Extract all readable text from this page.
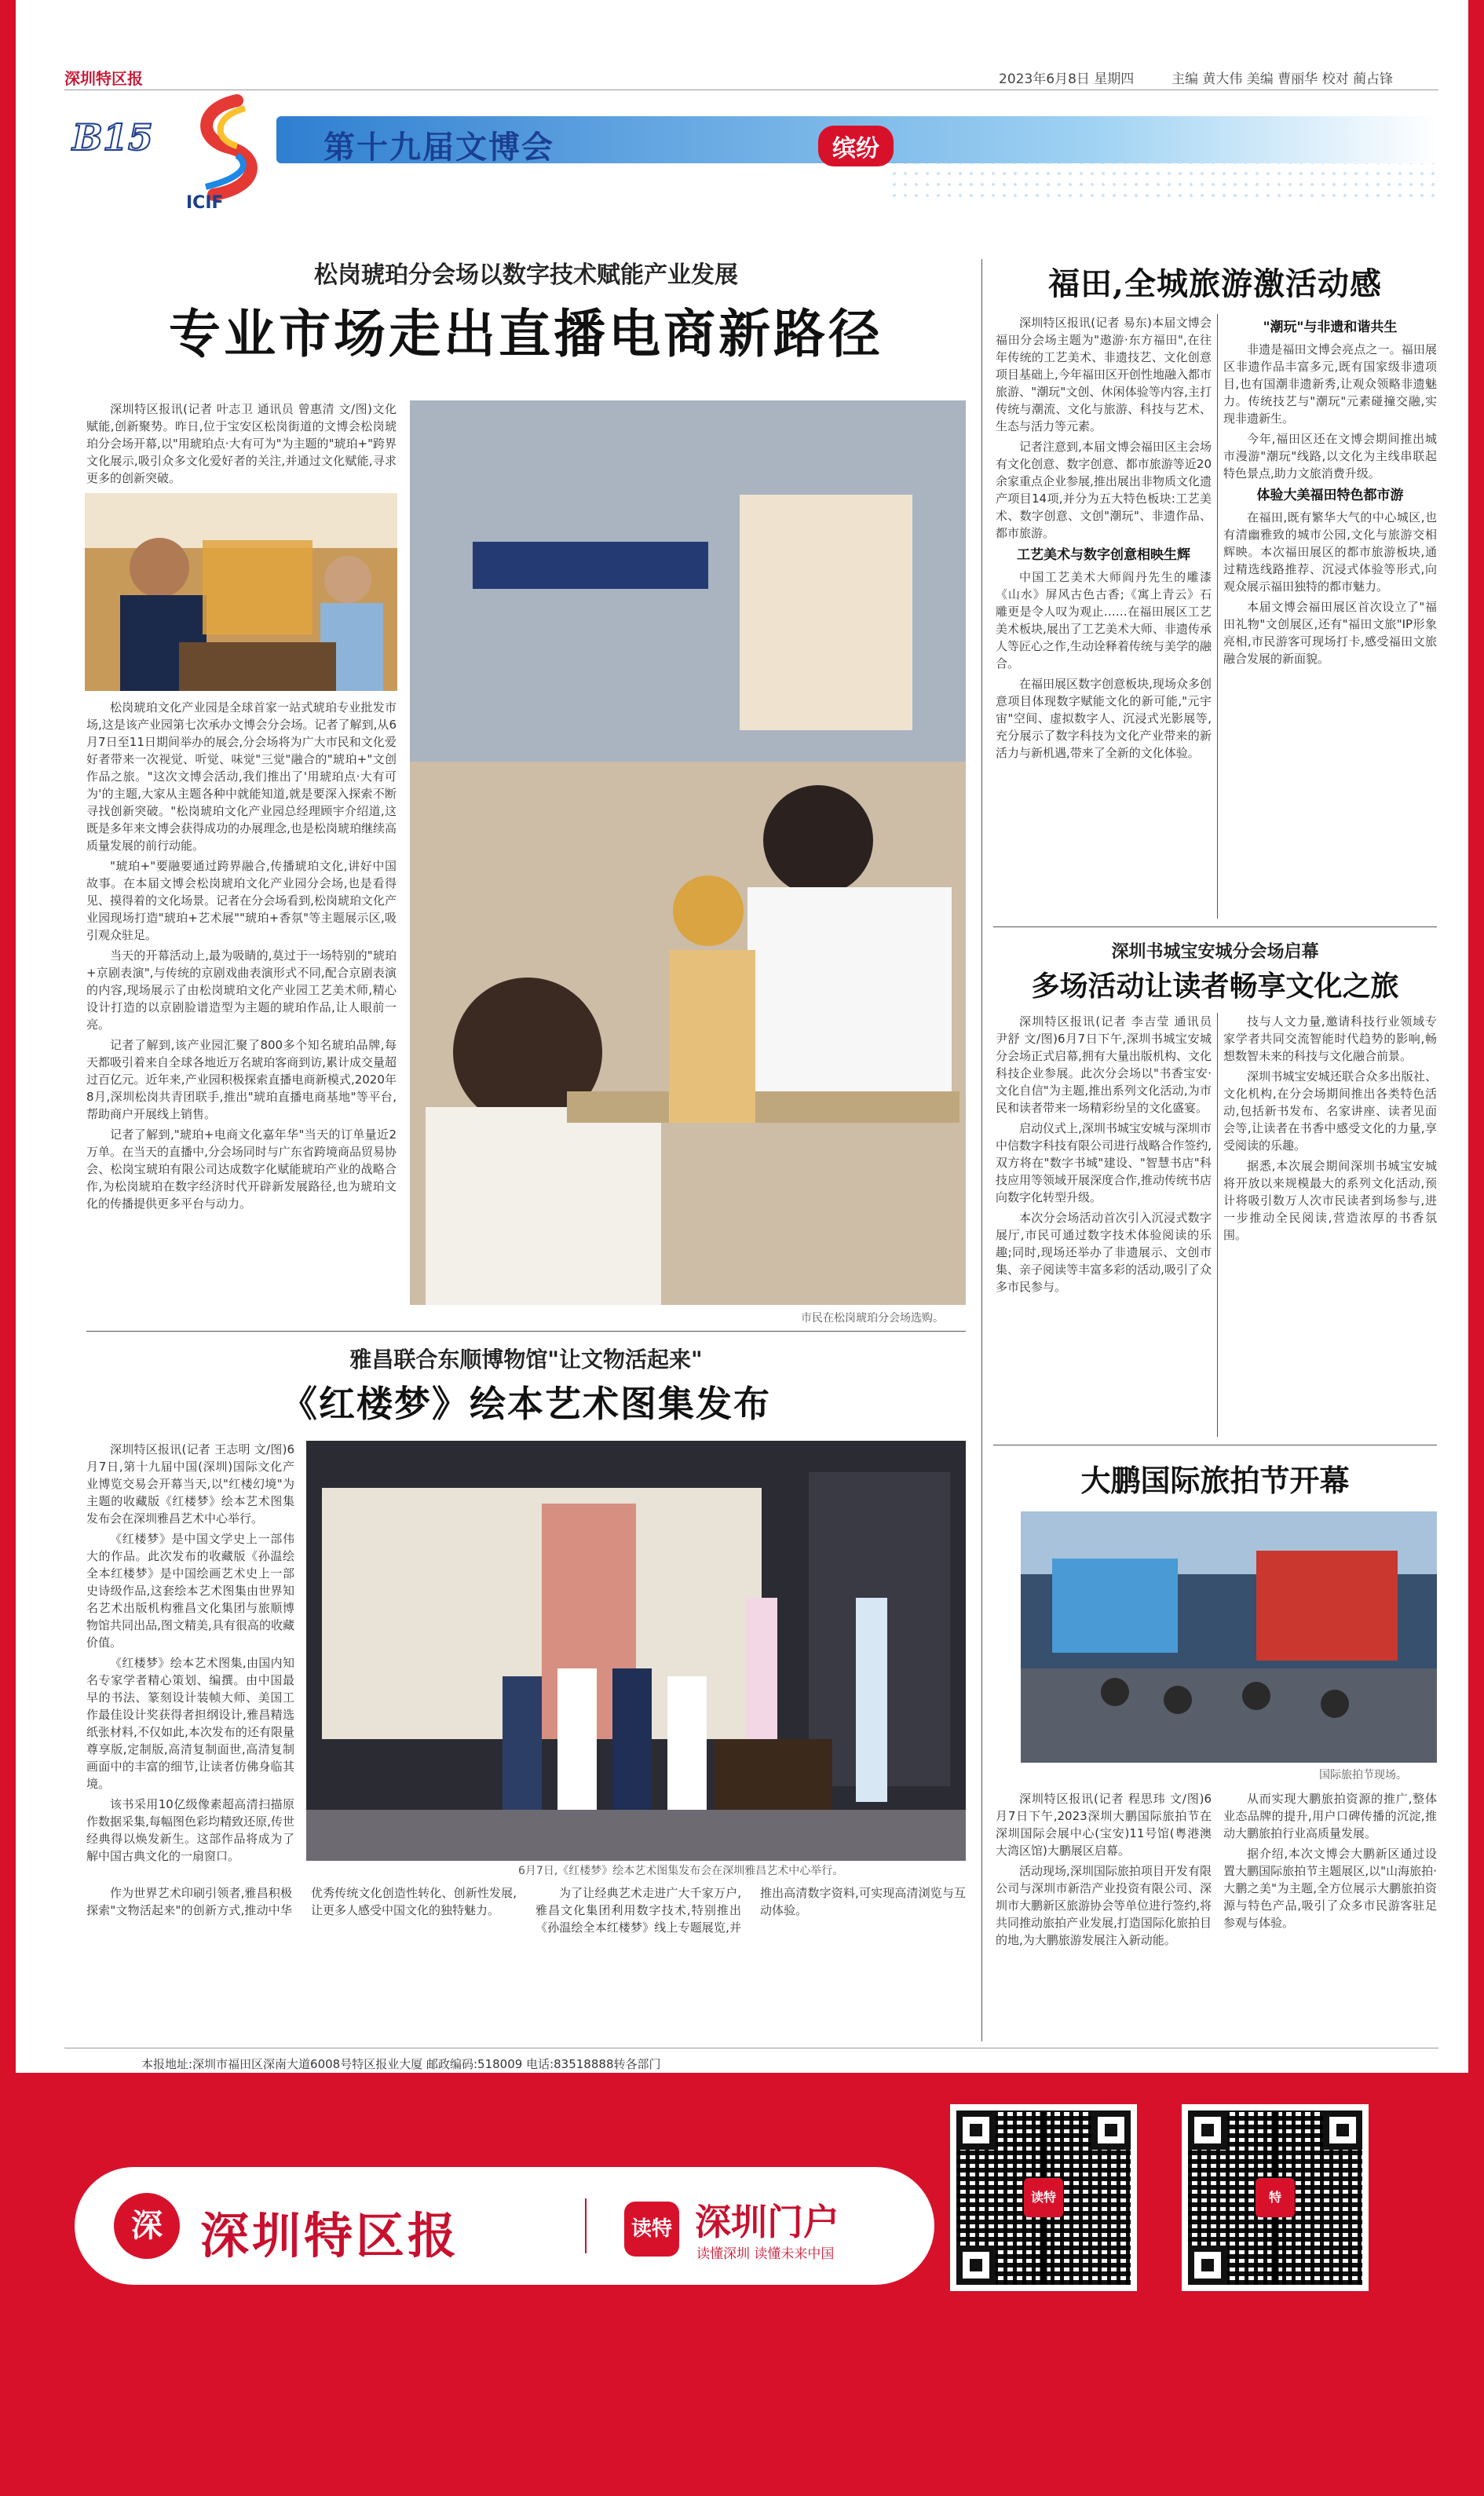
深圳特区报	2023年6月8日 星期四	主编 黄大伟 美编 曹丽华 校对 蔺占锋
B15
ICIF
第十九届文博会	缤纷
松岗琥珀分会场以数字技术赋能产业发展
专业市场走出直播电商新路径

深圳特区报讯(记者 叶志卫 通讯员 曾惠清 文/图)文化赋能,创新聚势。昨日,位于宝安区松岗街道的文博会松岗琥珀分会场开幕,以"用琥珀点·大有可为"为主题的"琥珀+"跨界文化展示,吸引众多文化爱好者的关注,并通过文化赋能,寻求更多的创新突破。

松岗琥珀文化产业园是全球首家一站式琥珀专业批发市场,这是该产业园第七次承办文博会分会场。记者了解到,从6月7日至11日期间举办的展会,分会场将为广大市民和文化爱好者带来一次视觉、听觉、味觉"三觉"融合的"琥珀+"文创作品之旅。"这次文博会活动,我们推出了'用琥珀点·大有可为'的主题,大家从主题各种中就能知道,就是要深入探索不断寻找创新突破。"松岗琥珀文化产业园总经理顾宇介绍道,这既是多年来文博会获得成功的办展理念,也是松岗琥珀继续高质量发展的前行动能。

"琥珀+"要融要通过跨界融合,传播琥珀文化,讲好中国故事。在本届文博会松岗琥珀文化产业园分会场,也是看得见、摸得着的文化场景。记者在分会场看到,松岗琥珀文化产业园现场打造"琥珀+艺术展""琥珀+香氛"等主题展示区,吸引观众驻足。

当天的开幕活动上,最为吸睛的,莫过于一场特别的"琥珀+京剧表演",与传统的京剧戏曲表演形式不同,配合京剧表演的内容,现场展示了由松岗琥珀文化产业园工艺美术师,精心设计打造的以京剧脸谱造型为主题的琥珀作品,让人眼前一亮。

记者了解到,该产业园汇聚了800多个知名琥珀品牌,每天都吸引着来自全球各地近万名琥珀客商到访,累计成交量超过百亿元。近年来,产业园积极探索直播电商新模式,2020年8月,深圳松岗共青团联手,推出"琥珀直播电商基地"等平台,帮助商户开展线上销售。

记者了解到,"琥珀+电商文化嘉年华"当天的订单量近2万单。在当天的直播中,分会场同时与广东省跨境商品贸易协会、松岗宝琥珀有限公司达成数字化赋能琥珀产业的战略合作,为松岗琥珀在数字经济时代开辟新发展路径,也为琥珀文化的传播提供更多平台与动力。

市民在松岗琥珀分会场选购。
雅昌联合东顺博物馆"让文物活起来"
《红楼梦》绘本艺术图集发布

深圳特区报讯(记者 王志明 文/图)6月7日,第十九届中国(深圳)国际文化产业博览交易会开幕当天,以"红楼幻境"为主题的收藏版《红楼梦》绘本艺术图集发布会在深圳雅昌艺术中心举行。

《红楼梦》是中国文学史上一部伟大的作品。此次发布的收藏版《孙温绘全本红楼梦》是中国绘画艺术史上一部史诗级作品,这套绘本艺术图集由世界知名艺术出版机构雅昌文化集团与旅顺博物馆共同出品,图文精美,具有很高的收藏价值。

《红楼梦》绘本艺术图集,由国内知名专家学者精心策划、编撰。由中国最早的书法、篆刻设计装帧大师、美国工作最佳设计奖获得者担纲设计,雅昌精选纸张材料,不仅如此,本次发布的还有限量尊享版,定制版,高清复制面世,高清复制画面中的丰富的细节,让读者仿佛身临其境。

该书采用10亿级像素超高清扫描原作数据采集,每幅图色彩均精致还原,传世经典得以焕发新生。这部作品将成为了解中国古典文化的一扇窗口。

6月7日,《红楼梦》绘本艺术图集发布会在深圳雅昌艺术中心举行。

作为世界艺术印刷引领者,雅昌积极探索"文物活起来"的创新方式,推动中华优秀传统文化创造性转化、创新性发展,让更多人感受中国文化的独特魅力。

为了让经典艺术走进广大千家万户,雅昌文化集团利用数字技术,特别推出《孙温绘全本红楼梦》线上专题展览,并推出高清数字资料,可实现高清浏览与互动体验。

福田,全城旅游激活动感

深圳特区报讯(记者 易东)本届文博会福田分会场主题为"遨游·东方福田",在往年传统的工艺美术、非遗技艺、文化创意项目基础上,今年福田区开创性地融入都市旅游、"潮玩"文创、休闲体验等内容,主打传统与潮流、文化与旅游、科技与艺术、生态与活力等元素。

记者注意到,本届文博会福田区主会场有文化创意、数字创意、都市旅游等近20余家重点企业参展,推出展出非物质文化遗产项目14项,并分为五大特色板块:工艺美术、数字创意、文创"潮玩"、非遗作品、都市旅游。

工艺美术与数字创意相映生辉

中国工艺美术大师阎丹先生的雕漆《山水》屏风古色古香;《寓上青云》石雕更是令人叹为观止……在福田展区工艺美术板块,展出了工艺美术大师、非遗传承人等匠心之作,生动诠释着传统与美学的融合。

在福田展区数字创意板块,现场众多创意项目体现数字赋能文化的新可能,"元宇宙"空间、虚拟数字人、沉浸式光影展等,充分展示了数字科技为文化产业带来的新活力与新机遇,带来了全新的文化体验。

"潮玩"与非遗和谐共生

非遗是福田文博会亮点之一。福田展区非遗作品丰富多元,既有国家级非遗项目,也有国潮非遗新秀,让观众领略非遗魅力。传统技艺与"潮玩"元素碰撞交融,实现非遗新生。

今年,福田区还在文博会期间推出城市漫游"潮玩"线路,以文化为主线串联起特色景点,助力文旅消费升级。

体验大美福田特色都市游

在福田,既有繁华大气的中心城区,也有清幽雅致的城市公园,文化与旅游交相辉映。本次福田展区的都市旅游板块,通过精选线路推荐、沉浸式体验等形式,向观众展示福田独特的都市魅力。

本届文博会福田展区首次设立了"福田礼物"文创展区,还有"福田文旅"IP形象亮相,市民游客可现场打卡,感受福田文旅融合发展的新面貌。

深圳书城宝安城分会场启幕
多场活动让读者畅享文化之旅

深圳特区报讯(记者 李吉莹 通讯员 尹舒 文/图)6月7日下午,深圳书城宝安城分会场正式启幕,拥有大量出版机构、文化科技企业参展。此次分会场以"书香宝安·文化自信"为主题,推出系列文化活动,为市民和读者带来一场精彩纷呈的文化盛宴。

启动仪式上,深圳书城宝安城与深圳市中信数字科技有限公司进行战略合作签约,双方将在"数字书城"建设、"智慧书店"科技应用等领域开展深度合作,推动传统书店向数字化转型升级。

本次分会场活动首次引入沉浸式数字展厅,市民可通过数字技术体验阅读的乐趣;同时,现场还举办了非遗展示、文创市集、亲子阅读等丰富多彩的活动,吸引了众多市民参与。

技与人文力量,邀请科技行业领域专家学者共同交流智能时代趋势的影响,畅想数智未来的科技与文化融合前景。

深圳书城宝安城还联合众多出版社、文化机构,在分会场期间推出各类特色活动,包括新书发布、名家讲座、读者见面会等,让读者在书香中感受文化的力量,享受阅读的乐趣。

据悉,本次展会期间深圳书城宝安城将开放以来规模最大的系列文化活动,预计将吸引数万人次市民读者到场参与,进一步推动全民阅读,营造浓厚的书香氛围。

大鹏国际旅拍节开幕
国际旅拍节现场。

深圳特区报讯(记者 程思玮 文/图)6月7日下午,2023深圳大鹏国际旅拍节在深圳国际会展中心(宝安)11号馆(粤港澳大湾区馆)大鹏展区启幕。

活动现场,深圳国际旅拍项目开发有限公司与深圳市新浩产业投资有限公司、深圳市大鹏新区旅游协会等单位进行签约,将共同推动旅拍产业发展,打造国际化旅拍目的地,为大鹏旅游发展注入新动能。

从而实现大鹏旅拍资源的推广,整体业态品牌的提升,用户口碑传播的沉淀,推动大鹏旅拍行业高质量发展。

据介绍,本次文博会大鹏新区通过设置大鹏国际旅拍节主题展区,以"山海旅拍·大鹏之美"为主题,全方位展示大鹏旅拍资源与特色产品,吸引了众多市民游客驻足参观与体验。

本报地址:深圳市福田区深南大道6008号特区报业大厦 邮政编码:518009 电话:83518888转各部门
深 深圳特区报	读特 深圳门户
读懂深圳 读懂未来中国
读特	特
